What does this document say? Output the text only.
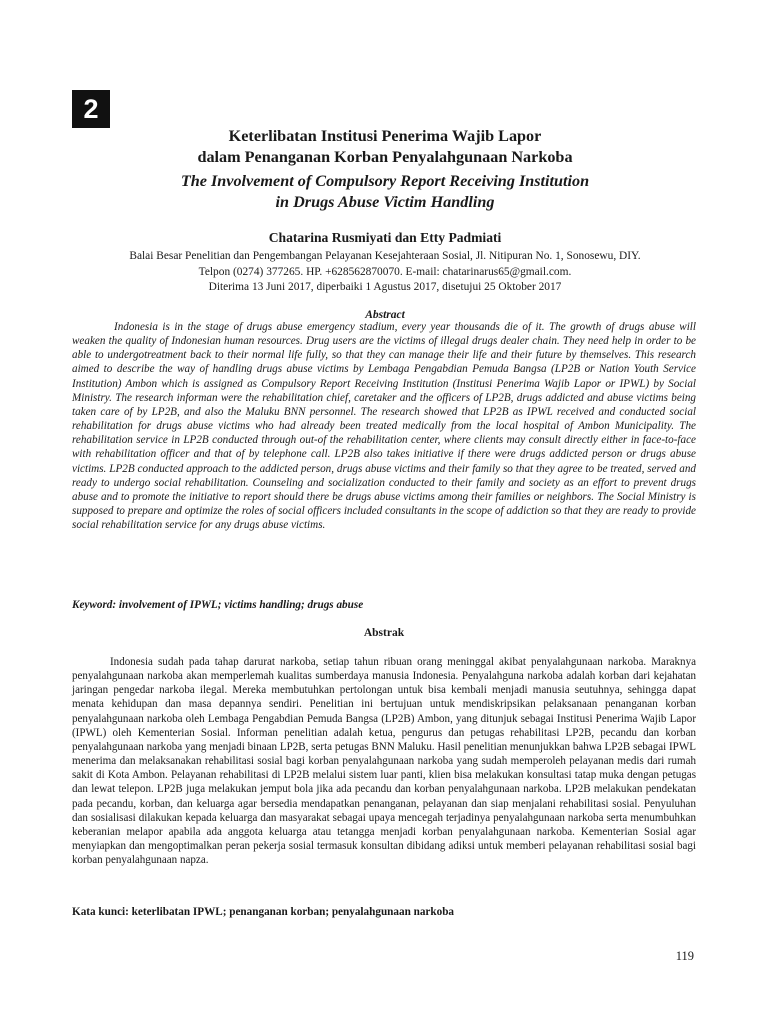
2

Keterlibatan Institusi Penerima Wajib Lapor
dalam Penanganan Korban Penyalahgunaan Narkoba

The Involvement of Compulsory Report Receiving Institution
in Drugs Abuse Victim Handling

Chatarina Rusmiyati dan Etty Padmiati

Balai Besar Penelitian dan Pengembangan Pelayanan Kesejahteraan Sosial, Jl. Nitipuran No. 1, Sonosewu, DIY.
Telpon (0274) 377265. HP. +628562870070. E-mail: chatarinarus65@gmail.com.
Diterima 13 Juni 2017, diperbaiki 1 Agustus 2017, disetujui 25 Oktober 2017

Abstract

Indonesia is in the stage of drugs abuse emergency stadium, every year thousands die of it. The growth of drugs abuse will weaken the quality of Indonesian human resources. Drug users are the victims of illegal drugs dealer chain. They need help in order to be able to undergotreatment back to their normal life fully, so that they can manage their life and their future by themselves. This research aimed to describe the way of handling drugs abuse victims by Lembaga Pengabdian Pemuda Bangsa (LP2B or Nation Youth Service Institution) Ambon which is assigned as Compulsory Report Receiving Institution (Institusi Penerima Wajib Lapor or IPWL) by Social Ministry. The research informan were the rehabilitation chief, caretaker and the officers of LP2B, drugs addicted and abuse victims being taken care of by LP2B, and also the Maluku BNN personnel. The research showed that LP2B as IPWL received and conducted social rehabilitation for drugs abuse victims who had already been treated medically from the local hospital of Ambon Municipality. The rehabilitation service in LP2B conducted through out-of the rehabilitation center, where clients may consult directly either in face-to-face with rehabilitation officer and that of by telephone call. LP2B also takes initiative if there were drugs addicted person or drugs abuse victims. LP2B conducted approach to the addicted person, drugs abuse victims and their family so that they agree to be treated, served and ready to undergo social rehabilitation. Counseling and socialization conducted to their family and society as an effort to prevent drugs abuse and to promote the initiative to report should there be drugs abuse victims among their families or neighbors. The Social Ministry is supposed to prepare and optimize the roles of social officers included consultants in the scope of addiction so that they are ready to provide social rehabilitation service for any drugs abuse victims.

Keyword: involvement of IPWL; victims handling; drugs abuse

Abstrak

Indonesia sudah pada tahap darurat narkoba, setiap tahun ribuan orang meninggal akibat penyalahgunaan narkoba. Maraknya penyalahgunaan narkoba akan memperlemah kualitas sumberdaya manusia Indonesia. Penyalahguna narkoba adalah korban dari kejahatan jaringan pengedar narkoba ilegal. Mereka membutuhkan pertolongan untuk bisa kembali menjadi manusia seutuhnya, sehingga dapat menata kehidupan dan masa depannya sendiri. Penelitian ini bertujuan untuk mendiskripsikan pelaksanaan penanganan korban penyalahgunaan narkoba oleh Lembaga Pengabdian Pemuda Bangsa (LP2B) Ambon, yang ditunjuk sebagai Institusi Penerima Wajib Lapor (IPWL) oleh Kementerian Sosial. Informan penelitian adalah ketua, pengurus dan petugas rehabilitasi LP2B, pecandu dan korban penyalahgunaan narkoba yang menjadi binaan LP2B, serta petugas BNN Maluku. Hasil penelitian menunjukkan bahwa LP2B sebagai IPWL menerima dan melaksanakan rehabilitasi sosial bagi korban penyalahgunaan narkoba yang sudah memperoleh pelayanan medis dari rumah sakit di Kota Ambon. Pelayanan rehabilitasi di LP2B melalui sistem luar panti, klien bisa melakukan konsultasi tatap muka dengan petugas dan lewat telepon. LP2B juga melakukan jemput bola jika ada pecandu dan korban penyalahgunaan narkoba. LP2B melakukan pendekatan pada pecandu, korban, dan keluarga agar bersedia mendapatkan penanganan, pelayanan dan siap menjalani rehabilitasi sosial. Penyuluhan dan sosialisasi dilakukan kepada keluarga dan masyarakat sebagai upaya mencegah terjadinya penyalahgunaan narkoba serta menumbuhkan keberanian melapor apabila ada anggota keluarga atau tetangga menjadi korban penyalahgunaan narkoba. Kementerian Sosial agar menyiapkan dan mengoptimalkan peran pekerja sosial termasuk konsultan dibidang adiksi untuk memberi pelayanan rehabilitasi sosial bagi korban penyalahgunaan napza.

Kata kunci: keterlibatan IPWL; penanganan korban; penyalahgunaan narkoba

119
